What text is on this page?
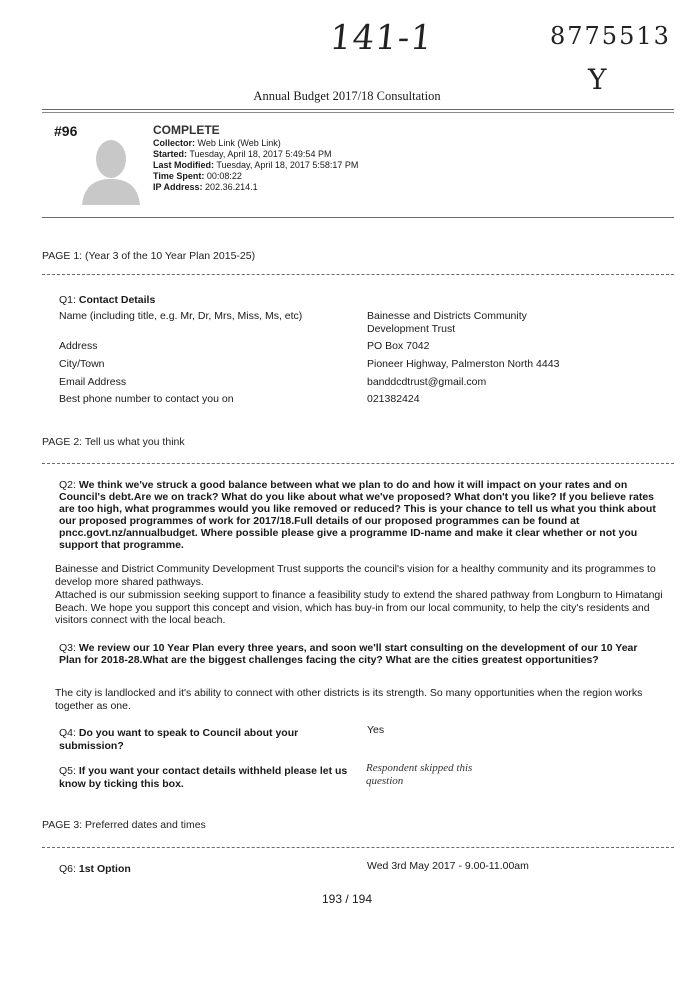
141-1	8775513
Y
Annual Budget 2017/18 Consultation
#96	COMPLETE
Collector: Web Link (Web Link)
Started: Tuesday, April 18, 2017 5:49:54 PM
Last Modified: Tuesday, April 18, 2017 5:58:17 PM
Time Spent: 00:08:22
IP Address: 202.36.214.1
PAGE 1: (Year 3 of the 10 Year Plan 2015-25)
Q1: Contact Details
Name (including title, e.g. Mr, Dr, Mrs, Miss, Ms, etc)	Bainesse and Districts Community Development Trust
Address	PO Box 7042
City/Town	Pioneer Highway, Palmerston North 4443
Email Address	banddcdtrust@gmail.com
Best phone number to contact you on	021382424
PAGE 2: Tell us what you think
Q2: We think we've struck a good balance between what we plan to do and how it will impact on your rates and on Council's debt.Are we on track? What do you like about what we've proposed? What don't you like? If you believe rates are too high, what programmes would you like removed or reduced? This is your chance to tell us what you think about our proposed programmes of work for 2017/18.Full details of our proposed programmes can be found at pncc.govt.nz/annualbudget. Where possible please give a programme ID-name and make it clear whether or not you support that programme.
Bainesse and District Community Development Trust supports the council's vision for a healthy community and its programmes to develop more shared pathways.
Attached is our submission seeking support to finance a feasibility study to extend the shared pathway from Longburn to Himatangi Beach. We hope you support this concept and vision, which has buy-in from our local community, to help the city's residents and visitors connect with the local beach.
Q3: We review our 10 Year Plan every three years, and soon we'll start consulting on the development of our 10 Year Plan for 2018-28.What are the biggest challenges facing the city? What are the cities greatest opportunities?
The city is landlocked and it's ability to connect with other districts is its strength. So many opportunities when the region works together as one.
Q4: Do you want to speak to Council about your submission?
Yes
Q5: If you want your contact details withheld please let us know by ticking this box.
Respondent skipped this question
PAGE 3: Preferred dates and times
Q6: 1st Option	Wed 3rd May 2017 - 9.00-11.00am
193 / 194
